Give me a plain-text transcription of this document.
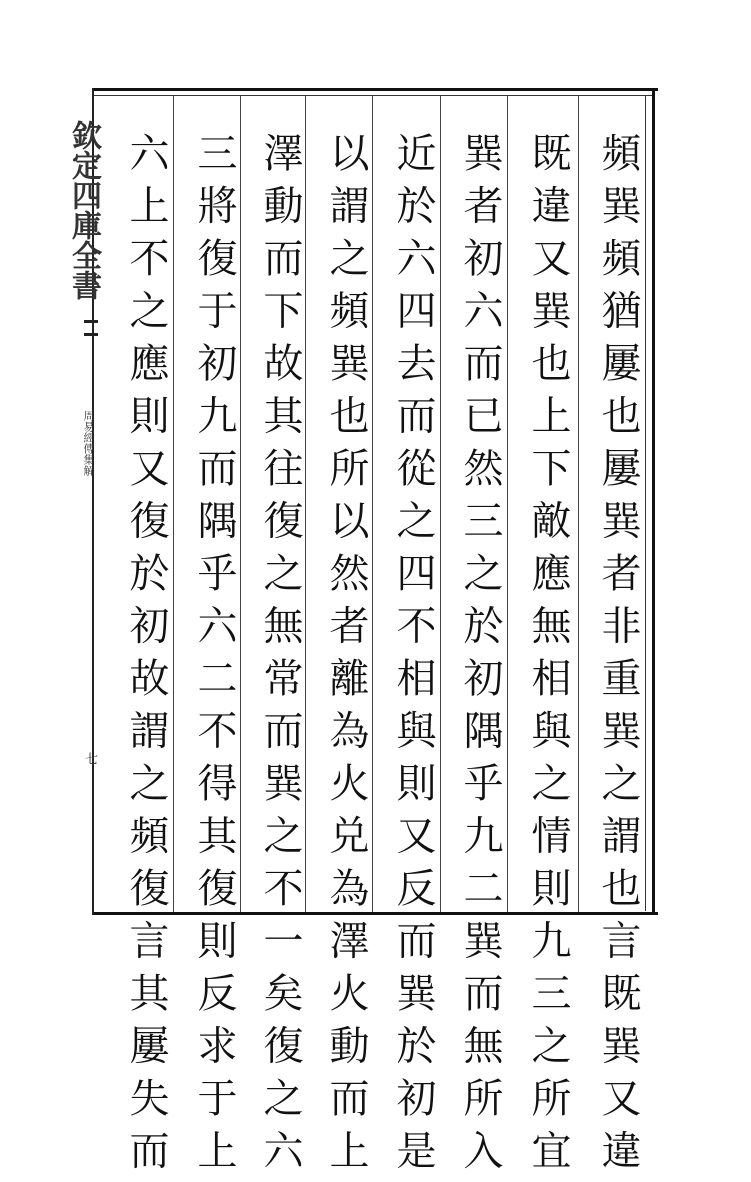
欽定四庫全書
周易經傳集解
七	頻巽頻猶屢也屢巽者非重巽之謂也言既巽又違
既違又巽也上下敵應無相與之情則九三之所宜
巽者初六而已然三之於初隅乎九二巽而無所入
近於六四去而從之四不相與則又反而巽於初是
以謂之頻巽也所以然者離為火兑為澤火動而上
澤動而下故其往復之無常而巽之不一矣復之六
三將復于初九而隅乎六二不得其復則反求于上
六上不之應則又復於初故謂之頻復言其屢失而
